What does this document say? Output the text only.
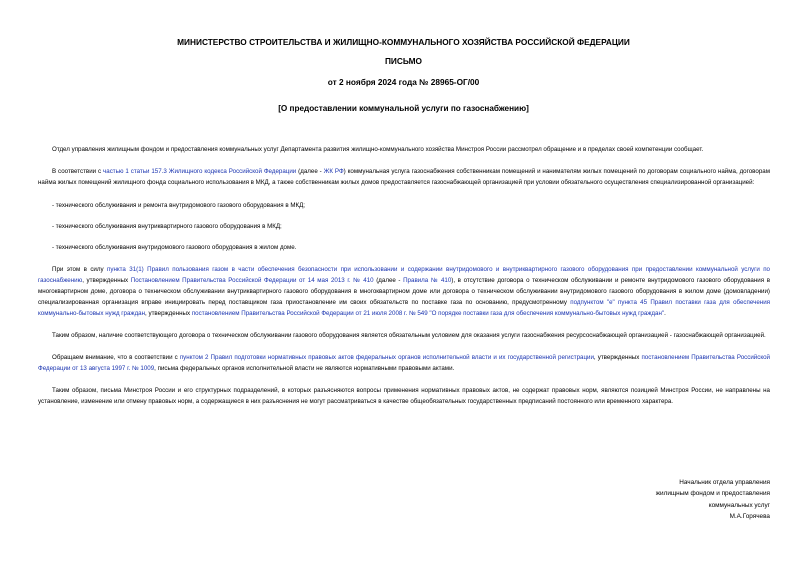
МИНИСТЕРСТВО СТРОИТЕЛЬСТВА И ЖИЛИЩНО-КОММУНАЛЬНОГО ХОЗЯЙСТВА РОССИЙСКОЙ ФЕДЕРАЦИИ
ПИСЬМО
от 2 ноября 2024 года № 28965-ОГ/00
[О предоставлении коммунальной услуги по газоснабжению]

Отдел управления жилищным фондом и предоставления коммунальных услуг Департамента развития жилищно-коммунального хозяйства Минстроя России рассмотрел обращение и в пределах своей компетенции сообщает.

В соответствии с частью 1 статьи 157.3 Жилищного кодекса Российской Федерации (далее - ЖК РФ) коммунальная услуга газоснабжения собственникам помещений и нанимателям жилых помещений по договорам социального найма, договорам найма жилых помещений жилищного фонда социального использования в МКД, а также собственникам жилых домов предоставляется газоснабжающей организацией при условии обязательного осуществления специализированной организацией:

- технического обслуживания и ремонта внутридомового газового оборудования в МКД;

- технического обслуживания внутриквартирного газового оборудования в МКД;

- технического обслуживания внутридомового газового оборудования в жилом доме.

При этом в силу пункта 31(1) Правил пользования газом в части обеспечения безопасности при использовании и содержании внутридомового и внутриквартирного газового оборудования при предоставлении коммунальной услуги по газоснабжению, утвержденных Постановлением Правительства Российской Федерации от 14 мая 2013 г. № 410 (далее - Правила № 410), в отсутствие договора о техническом обслуживании и ремонте внутридомового газового оборудования в многоквартирном доме, договора о техническом обслуживании внутриквартирного газового оборудования в многоквартирном доме или договора о техническом обслуживании внутридомового газового оборудования в жилом доме (домовладении) специализированная организация вправе инициировать перед поставщиком газа приостановление им своих обязательств по поставке газа по основанию, предусмотренному подпунктом "е" пункта 45 Правил поставки газа для обеспечения коммунально-бытовых нужд граждан, утвержденных постановлением Правительства Российской Федерации от 21 июля 2008 г. № 549 "О порядке поставки газа для обеспечения коммунально-бытовых нужд граждан".

Таким образом, наличие соответствующего договора о техническом обслуживании газового оборудования является обязательным условием для оказания услуги газоснабжения ресурсоснабжающей организацией - газоснабжающей организацией.

Обращаем внимание, что в соответствии с пунктом 2 Правил подготовки нормативных правовых актов федеральных органов исполнительной власти и их государственной регистрации, утвержденных постановлением Правительства Российской Федерации от 13 августа 1997 г. № 1009, письма федеральных органов исполнительной власти не являются нормативными правовыми актами.

Таким образом, письма Минстроя России и его структурных подразделений, в которых разъясняются вопросы применения нормативных правовых актов, не содержат правовых норм, являются позицией Минстроя России, не направлены на установление, изменение или отмену правовых норм, а содержащиеся в них разъяснения не могут рассматриваться в качестве общеобязательных государственных предписаний постоянного или временного характера.

Начальник отдела управления
жилищным фондом и предоставления
коммунальных услуг
М.А.Горячева
